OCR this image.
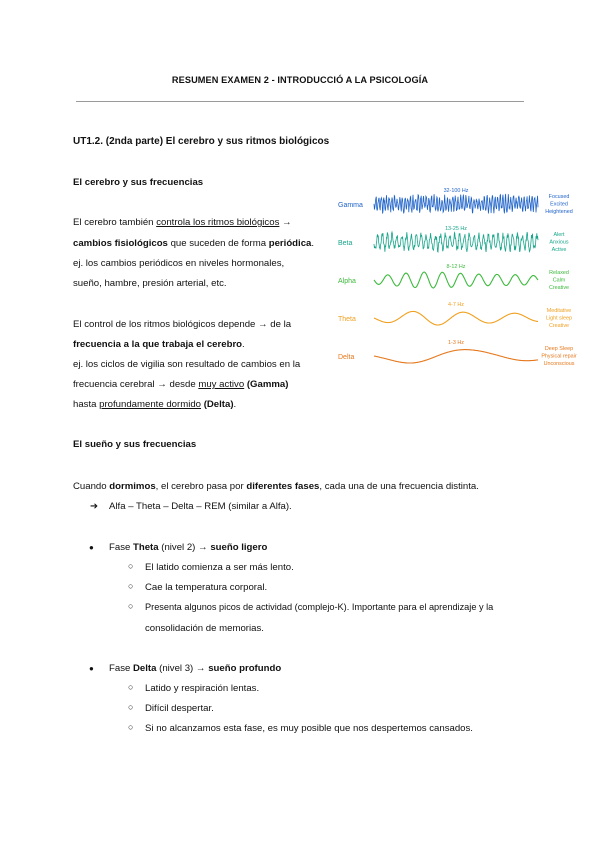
RESUMEN EXAMEN 2 - INTRODUCCIÓ A LA PSICOLOGÍA
UT1.2. (2nda parte) El cerebro y sus ritmos biológicos
El cerebro y sus frecuencias
El cerebro también controla los ritmos biológicos →
cambios fisiológicos que suceden de forma periódica.
ej. los cambios periódicos en niveles hormonales,
sueño, hambre, presión arterial, etc.
El control de los ritmos biológicos depende → de la
frecuencia a la que trabaja el cerebro.
ej. los ciclos de vigilia son resultado de cambios en la
frecuencia cerebral → desde muy activo (Gamma)
hasta profundamente dormido (Delta).
Gamma
32-100 Hz
Focused
Excited
Heightened
Beta
13-25 Hz
Alert
Anxious
Active
Alpha
8-12 Hz
Relaxed
Calm
Creative
Theta
4-7 Hz
Meditative
Light sleep
Creative
Delta
1-3 Hz
Deep Sleep
Physical repair
Unconscious
El sueño y sus frecuencias
Cuando dormimos, el cerebro pasa por diferentes fases, cada una de una frecuencia distinta.
➔ Alfa – Theta – Delta – REM (similar a Alfa).
● Fase Theta (nivel 2) → sueño ligero
○ El latido comienza a ser más lento.
○ Cae la temperatura corporal.
○ Presenta algunos picos de actividad (complejo-K). Importante para el aprendizaje y la
consolidación de memorias.
● Fase Delta (nivel 3) → sueño profundo
○ Latido y respiración lentas.
○ Difícil despertar.
○ Si no alcanzamos esta fase, es muy posible que nos despertemos cansados.
